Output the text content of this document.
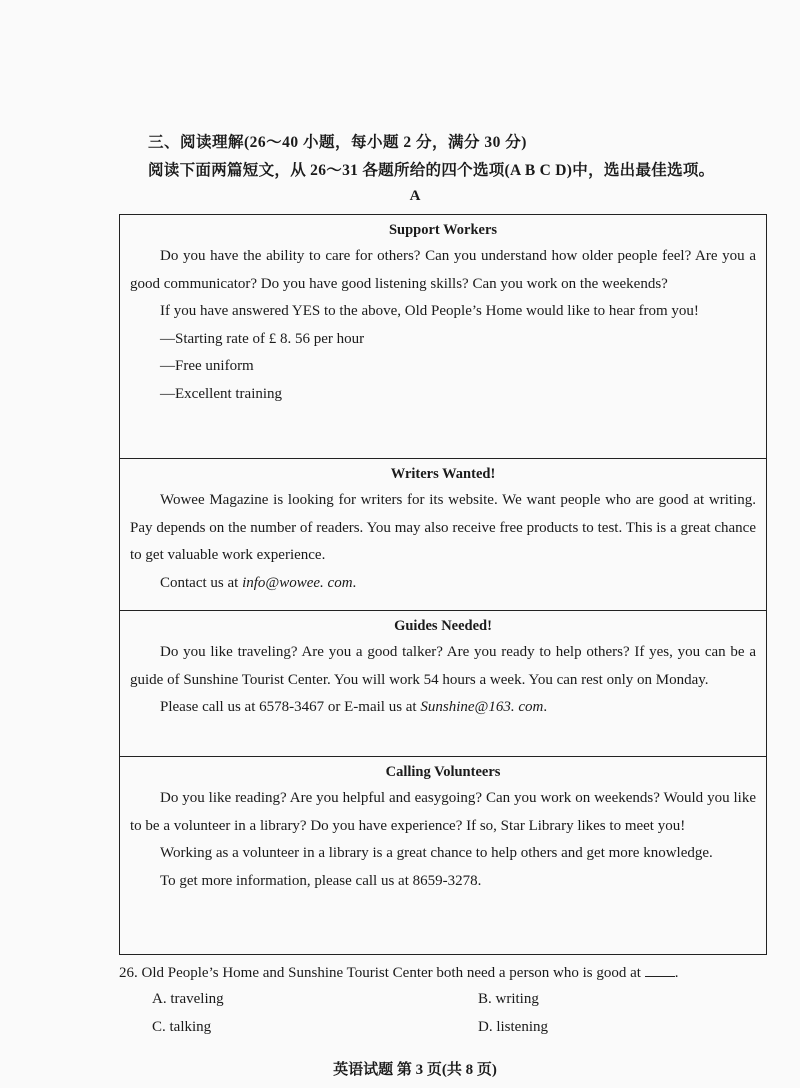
三、阅读理解(26～40 小题，每小题 2 分，满分 30 分)
阅读下面两篇短文，从 26～31 各题所给的四个选项(A B C D)中，选出最佳选项。
A
Support Workers

Do you have the ability to care for others? Can you understand how older people feel? Are you a good communicator? Do you have good listening skills? Can you work on the weekends?

If you have answered YES to the above, Old People’s Home would like to hear from you!

—Starting rate of £ 8. 56 per hour

—Free uniform

—Excellent training

Writers Wanted!

Wowee Magazine is looking for writers for its website. We want people who are good at writing. Pay depends on the number of readers. You may also receive free products to test. This is a great chance to get valuable work experience.

Contact us at info@wowee. com.

Guides Needed!

Do you like traveling? Are you a good talker? Are you ready to help others? If yes, you can be a guide of Sunshine Tourist Center. You will work 54 hours a week. You can rest only on Monday.

Please call us at 6578-3467 or E-mail us at Sunshine@163. com.

Calling Volunteers

Do you like reading? Are you helpful and easygoing? Can you work on weekends? Would you like to be a volunteer in a library? Do you have experience? If so, Star Library likes to meet you!

Working as a volunteer in a library is a great chance to help others and get more knowledge.

To get more information, please call us at 8659-3278.

26. Old People’s Home and Sunshine Tourist Center both need a person who is good at .
A. traveling	B. writing
C. talking	D. listening
英语试题 第 3 页(共 8 页)
